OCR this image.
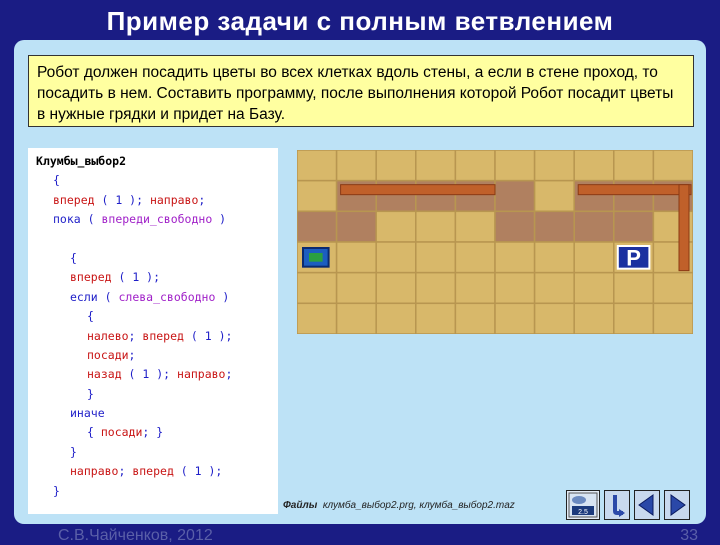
Пример задачи с полным ветвлением
Робот должен посадить цветы во всех клетках вдоль стены, а если в стене проход, то посадить в нем. Составить программу, после выполнения которой Робот посадит цветы в нужные грядки и придет на Базу.
Клумбы_выбор2
{
вперед ( 1 ); направо;
пока ( впереди_свободно )
{
вперед ( 1 );
если ( слева_свободно )
{
налево; вперед ( 1 );
посади;
назад ( 1 ); направо;
}
иначе
{ посади; }
}
направо; вперед ( 1 );
}
P
Файлы клумба_выбор2.prg, клумба_выбор2.maz
2.5
С.В.Чайченков, 2012	33
